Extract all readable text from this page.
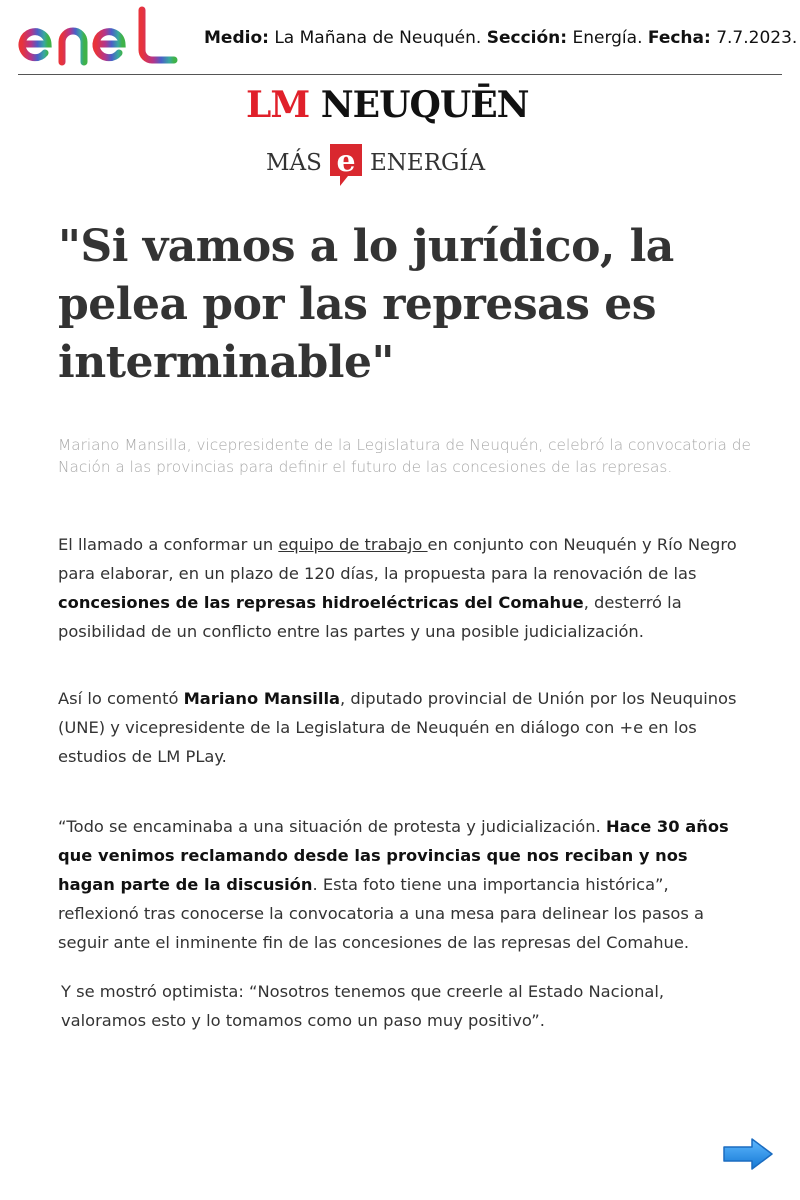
Medio: La Mañana de Neuquén. Sección: Energía. Fecha: 7.7.2023.
LM NEUQUĒN
MÁS e ENERGÍA
"Si vamos a lo jurídico, la pelea por las represas es interminable"

Mariano Mansilla, vicepresidente de la Legislatura de Neuquén, celebró la convocatoria de Nación a las provincias para definir el futuro de las concesiones de las represas.

El llamado a conformar un equipo de trabajo en conjunto con Neuquén y Río Negro para elaborar, en un plazo de 120 días, la propuesta para la renovación de las concesiones de las represas hidroeléctricas del Comahue, desterró la posibilidad de un conflicto entre las partes y una posible judicialización.

Así lo comentó Mariano Mansilla, diputado provincial de Unión por los Neuquinos (UNE) y vicepresidente de la Legislatura de Neuquén en diálogo con +e en los estudios de LM PLay.

“Todo se encaminaba a una situación de protesta y judicialización. Hace 30 años que venimos reclamando desde las provincias que nos reciban y nos hagan parte de la discusión. Esta foto tiene una importancia histórica”, reflexionó tras conocerse la convocatoria a una mesa para delinear los pasos a seguir ante el inminente fin de las concesiones de las represas del Comahue.

Y se mostró optimista: “Nosotros tenemos que creerle al Estado Nacional, valoramos esto y lo tomamos como un paso muy positivo”.
